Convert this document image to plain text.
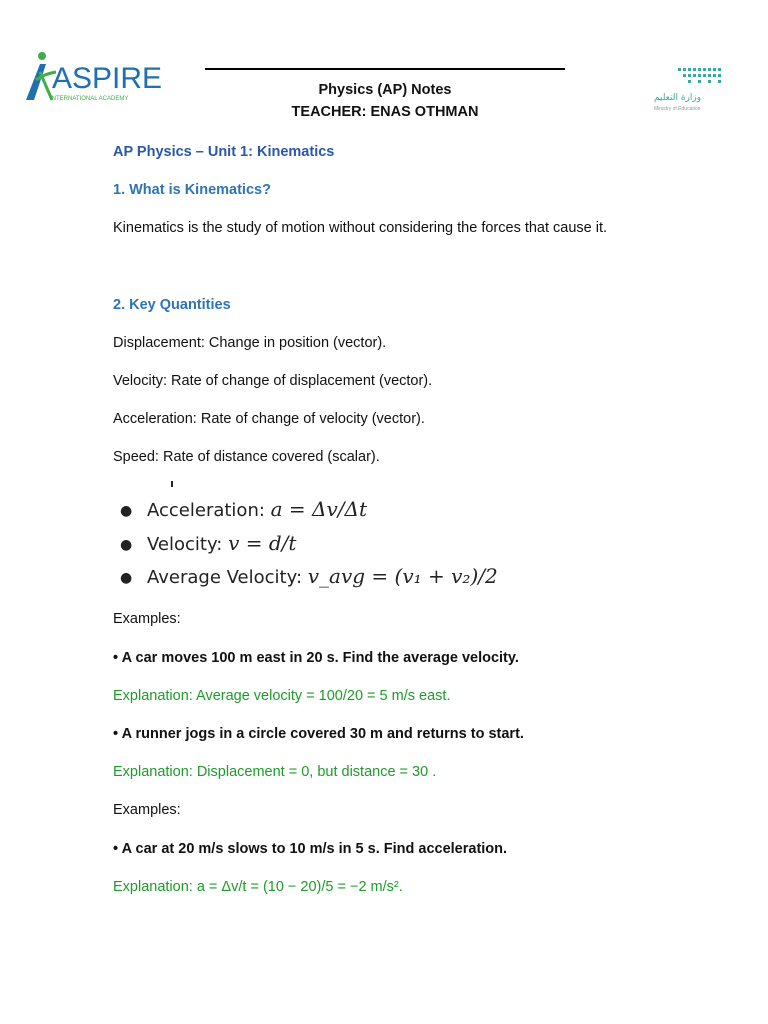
ASPIRE
INTERNATIONAL ACADEMY	وزارة التعليم
Ministry of Education
Physics (AP) Notes
TEACHER: ENAS OTHMAN
AP Physics – Unit 1: Kinematics
1. What is Kinematics?
Kinematics is the study of motion without considering the forces that cause it.
2. Key Quantities
Displacement: Change in position (vector).
Velocity: Rate of change of displacement (vector).
Acceleration: Rate of change of velocity (vector).
Speed: Rate of distance covered (scalar).
● Acceleration: a = Δv/Δt
● Velocity: v = d/t
● Average Velocity: v_avg = (v₁ + v₂)/2
Examples:
• A car moves 100 m east in 20 s. Find the average velocity.
Explanation: Average velocity = 100/20 = 5 m/s east.
• A runner jogs in a circle covered 30 m and returns to start.
Explanation: Displacement = 0, but distance = 30 .
Examples:
• A car at 20 m/s slows to 10 m/s in 5 s. Find acceleration.
Explanation: a = Δv/t = (10 − 20)/5 = −2 m/s².
